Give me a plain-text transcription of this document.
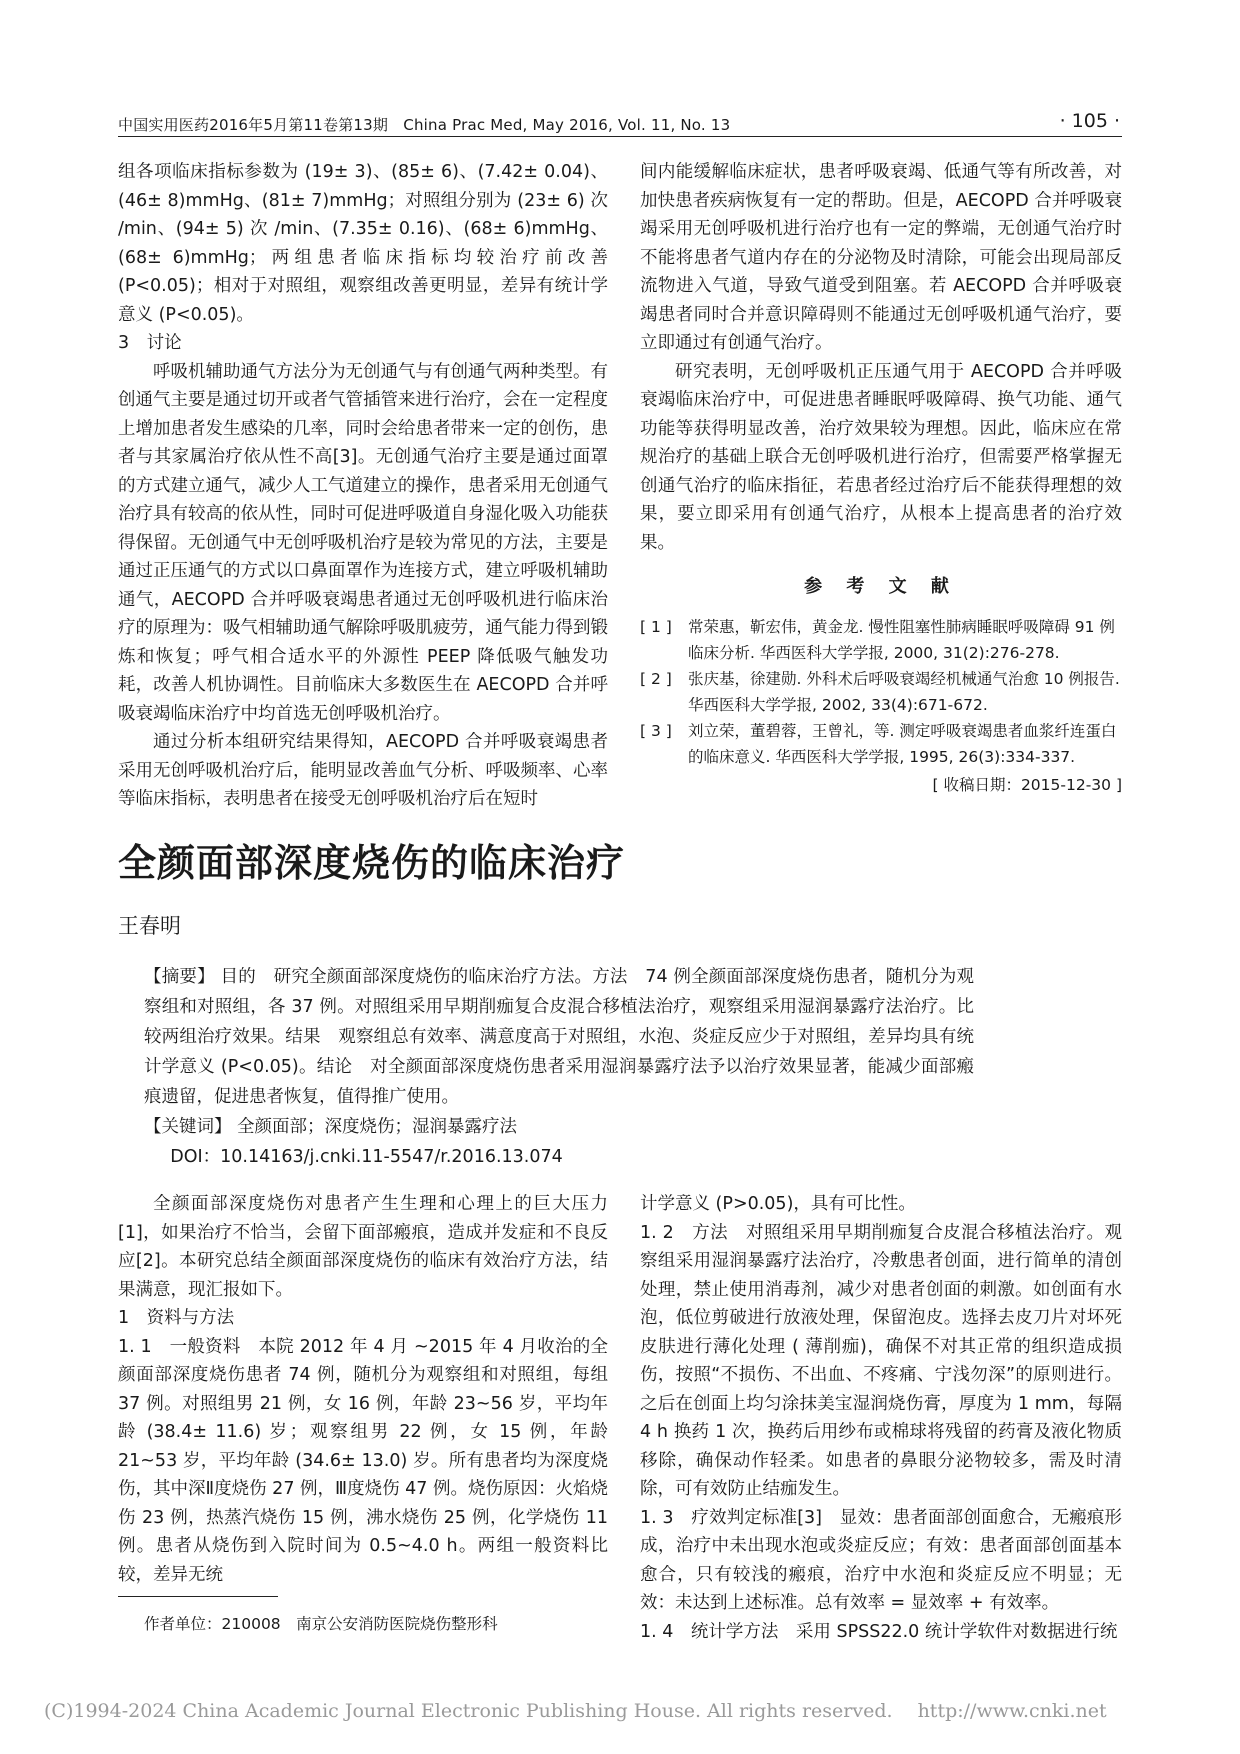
中国实用医药2016年5月第11卷第13期　China Prac Med, May 2016, Vol. 11, No. 13	· 105 ·

组各项临床指标参数为 (19± 3)、(85± 6)、(7.42± 0.04)、(46± 8)mmHg、(81± 7)mmHg；对照组分别为 (23± 6) 次 /min、(94± 5) 次 /min、(7.35± 0.16)、(68± 6)mmHg、(68± 6)mmHg；两组患者临床指标均较治疗前改善 (P<0.05)；相对于对照组，观察组改善更明显，差异有统计学意义 (P<0.05)。

3　讨论

呼吸机辅助通气方法分为无创通气与有创通气两种类型。有创通气主要是通过切开或者气管插管来进行治疗，会在一定程度上增加患者发生感染的几率，同时会给患者带来一定的创伤，患者与其家属治疗依从性不高[3]。无创通气治疗主要是通过面罩的方式建立通气，减少人工气道建立的操作，患者采用无创通气治疗具有较高的依从性，同时可促进呼吸道自身湿化吸入功能获得保留。无创通气中无创呼吸机治疗是较为常见的方法，主要是通过正压通气的方式以口鼻面罩作为连接方式，建立呼吸机辅助通气，AECOPD 合并呼吸衰竭患者通过无创呼吸机进行临床治疗的原理为：吸气相辅助通气解除呼吸肌疲劳，通气能力得到锻炼和恢复；呼气相合适水平的外源性 PEEP 降低吸气触发功耗，改善人机协调性。目前临床大多数医生在 AECOPD 合并呼吸衰竭临床治疗中均首选无创呼吸机治疗。

通过分析本组研究结果得知，AECOPD 合并呼吸衰竭患者采用无创呼吸机治疗后，能明显改善血气分析、呼吸频率、心率等临床指标，表明患者在接受无创呼吸机治疗后在短时

间内能缓解临床症状，患者呼吸衰竭、低通气等有所改善，对加快患者疾病恢复有一定的帮助。但是，AECOPD 合并呼吸衰竭采用无创呼吸机进行治疗也有一定的弊端，无创通气治疗时不能将患者气道内存在的分泌物及时清除，可能会出现局部反流物进入气道，导致气道受到阻塞。若 AECOPD 合并呼吸衰竭患者同时合并意识障碍则不能通过无创呼吸机通气治疗，要立即通过有创通气治疗。

研究表明，无创呼吸机正压通气用于 AECOPD 合并呼吸衰竭临床治疗中，可促进患者睡眠呼吸障碍、换气功能、通气功能等获得明显改善，治疗效果较为理想。因此，临床应在常规治疗的基础上联合无创呼吸机进行治疗，但需要严格掌握无创通气治疗的临床指征，若患者经过治疗后不能获得理想的效果，要立即采用有创通气治疗，从根本上提高患者的治疗效果。

参 考 文 献
[ 1 ]	常荣惠，靳宏伟，黄金龙. 慢性阻塞性肺病睡眠呼吸障碍 91 例临床分析. 华西医科大学学报, 2000, 31(2):276-278.
[ 2 ]	张庆基，徐建勋. 外科术后呼吸衰竭经机械通气治愈 10 例报告. 华西医科大学学报, 2002, 33(4):671-672.
[ 3 ]	刘立荣，董碧蓉，王曾礼，等. 测定呼吸衰竭患者血浆纤连蛋白的临床意义. 华西医科大学学报, 1995, 26(3):334-337.
[ 收稿日期：2015-12-30 ]
全颜面部深度烧伤的临床治疗
王春明

【摘要】 目的　研究全颜面部深度烧伤的临床治疗方法。方法　74 例全颜面部深度烧伤患者，随机分为观察组和对照组，各 37 例。对照组采用早期削痂复合皮混合移植法治疗，观察组采用湿润暴露疗法治疗。比较两组治疗效果。结果　观察组总有效率、满意度高于对照组，水泡、炎症反应少于对照组，差异均具有统计学意义 (P<0.05)。结论　对全颜面部深度烧伤患者采用湿润暴露疗法予以治疗效果显著，能减少面部瘢痕遗留，促进患者恢复，值得推广使用。

【关键词】 全颜面部；深度烧伤；湿润暴露疗法

DOI：10.14163/j.cnki.11-5547/r.2016.13.074

全颜面部深度烧伤对患者产生生理和心理上的巨大压力[1]，如果治疗不恰当，会留下面部瘢痕，造成并发症和不良反应[2]。本研究总结全颜面部深度烧伤的临床有效治疗方法，结果满意，现汇报如下。

1　资料与方法

1. 1　一般资料　本院 2012 年 4 月 ~2015 年 4 月收治的全颜面部深度烧伤患者 74 例，随机分为观察组和对照组，每组 37 例。对照组男 21 例，女 16 例，年龄 23~56 岁，平均年龄 (38.4± 11.6) 岁；观察组男 22 例，女 15 例，年龄 21~53 岁，平均年龄 (34.6± 13.0) 岁。所有患者均为深度烧伤，其中深Ⅱ度烧伤 27 例，Ⅲ度烧伤 47 例。烧伤原因：火焰烧伤 23 例，热蒸汽烧伤 15 例，沸水烧伤 25 例，化学烧伤 11 例。患者从烧伤到入院时间为 0.5~4.0 h。两组一般资料比较，差异无统

计学意义 (P>0.05)，具有可比性。

1. 2　方法　对照组采用早期削痂复合皮混合移植法治疗。观察组采用湿润暴露疗法治疗，冷敷患者创面，进行简单的清创处理，禁止使用消毒剂，减少对患者创面的刺激。如创面有水泡，低位剪破进行放液处理，保留泡皮。选择去皮刀片对坏死皮肤进行薄化处理 ( 薄削痂)，确保不对其正常的组织造成损伤，按照“不损伤、不出血、不疼痛、宁浅勿深”的原则进行。之后在创面上均匀涂抹美宝湿润烧伤膏，厚度为 1 mm，每隔 4 h 换药 1 次，换药后用纱布或棉球将残留的药膏及液化物质移除，确保动作轻柔。如患者的鼻眼分泌物较多，需及时清除，可有效防止结痂发生。

1. 3　疗效判定标准[3]　显效：患者面部创面愈合，无瘢痕形成，治疗中未出现水泡或炎症反应；有效：患者面部创面基本愈合，只有较浅的瘢痕，治疗中水泡和炎症反应不明显；无效：未达到上述标准。总有效率 = 显效率 + 有效率。

1. 4　统计学方法　采用 SPSS22.0 统计学软件对数据进行统

作者单位：210008　南京公安消防医院烧伤整形科
(C)1994-2024 China Academic Journal Electronic Publishing House. All rights reserved.　 http://www.cnki.net
